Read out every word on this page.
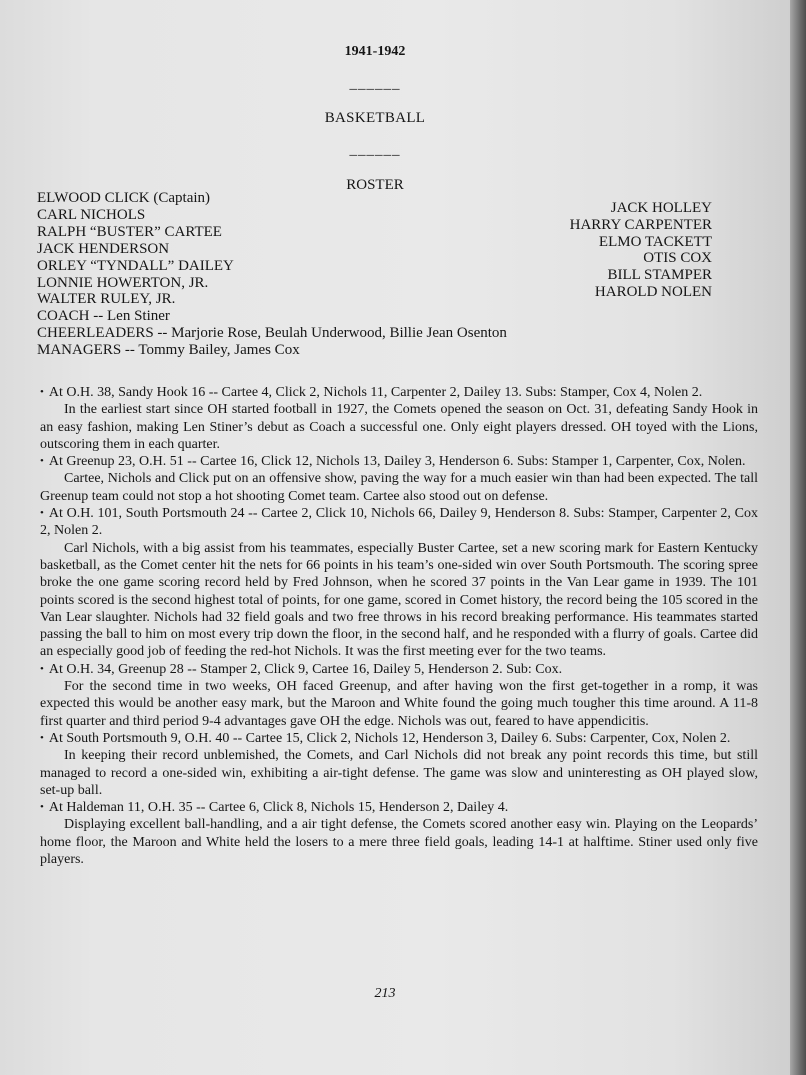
1941-1942
______
BASKETBALL
______
ROSTER
ELWOOD CLICK (Captain)
CARL NICHOLS
RALPH “BUSTER” CARTEE
JACK HENDERSON
ORLEY “TYNDALL” DAILEY
LONNIE HOWERTON, JR.
WALTER RULEY, JR.
COACH -- Len Stiner
CHEERLEADERS -- Marjorie Rose, Beulah Underwood, Billie Jean Osenton
MANAGERS -- Tommy Bailey, James Cox
JACK HOLLEY
HARRY CARPENTER
ELMO TACKETT
OTIS COX
BILL STAMPER
HAROLD NOLEN

• At O.H. 38, Sandy Hook 16 -- Cartee 4, Click 2, Nichols 11, Carpenter 2, Dailey 13. Subs: Stamper, Cox 4, Nolen 2.

In the earliest start since OH started football in 1927, the Comets opened the season on Oct. 31, defeating Sandy Hook in an easy fashion, making Len Stiner’s debut as Coach a successful one. Only eight players dressed. OH toyed with the Lions, outscoring them in each quarter.

• At Greenup 23, O.H. 51 -- Cartee 16, Click 12, Nichols 13, Dailey 3, Henderson 6. Subs: Stamper 1, Carpenter, Cox, Nolen.

Cartee, Nichols and Click put on an offensive show, paving the way for a much easier win than had been expected. The tall Greenup team could not stop a hot shooting Comet team. Cartee also stood out on defense.

• At O.H. 101, South Portsmouth 24 -- Cartee 2, Click 10, Nichols 66, Dailey 9, Henderson 8. Subs: Stamper, Carpenter 2, Cox 2, Nolen 2.

Carl Nichols, with a big assist from his teammates, especially Buster Cartee, set a new scoring mark for Eastern Kentucky basketball, as the Comet center hit the nets for 66 points in his team’s one-sided win over South Portsmouth. The scoring spree broke the one game scoring record held by Fred Johnson, when he scored 37 points in the Van Lear game in 1939. The 101 points scored is the second highest total of points, for one game, scored in Comet history, the record being the 105 scored in the Van Lear slaughter. Nichols had 32 field goals and two free throws in his record breaking performance. His teammates started passing the ball to him on most every trip down the floor, in the second half, and he responded with a flurry of goals. Cartee did an especially good job of feeding the red-hot Nichols. It was the first meeting ever for the two teams.

• At O.H. 34, Greenup 28 -- Stamper 2, Click 9, Cartee 16, Dailey 5, Henderson 2. Sub: Cox.

For the second time in two weeks, OH faced Greenup, and after having won the first get-together in a romp, it was expected this would be another easy mark, but the Maroon and White found the going much tougher this time around. A 11-8 first quarter and third period 9-4 advantages gave OH the edge. Nichols was out, feared to have appendicitis.

• At South Portsmouth 9, O.H. 40 -- Cartee 15, Click 2, Nichols 12, Henderson 3, Dailey 6. Subs: Carpenter, Cox, Nolen 2.

In keeping their record unblemished, the Comets, and Carl Nichols did not break any point records this time, but still managed to record a one-sided win, exhibiting a air-tight defense. The game was slow and uninteresting as OH played slow, set-up ball.

• At Haldeman 11, O.H. 35 -- Cartee 6, Click 8, Nichols 15, Henderson 2, Dailey 4.

Displaying excellent ball-handling, and a air tight defense, the Comets scored another easy win. Playing on the Leopards’ home floor, the Maroon and White held the losers to a mere three field goals, leading 14-1 at halftime. Stiner used only five players.

213
